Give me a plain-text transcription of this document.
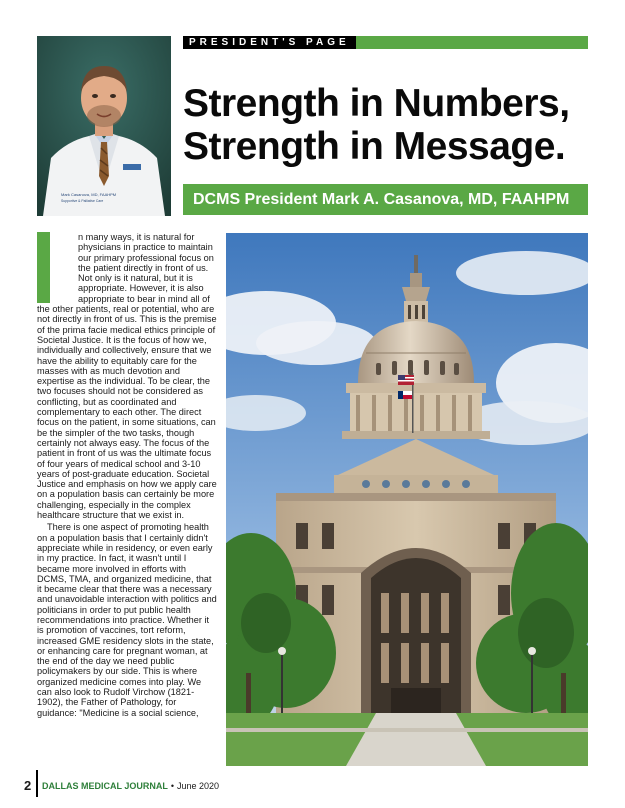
Mark Casanova, MD, FAAHPM
Supportive & Palliative Care
PRESIDENT'S PAGE
Strength in Numbers,
Strength in Message.
DCMS President Mark A. Casanova, MD, FAAHPM

n many ways, it is natural for physicians in practice to maintain our primary professional focus on the patient directly in front of us. Not only is it natural, but it is appropriate. However, it is also appropriate to bear in mind all of the other patients, real or potential, who are not directly in front of us. This is the premise of the prima facie medical ethics principle of Societal Justice. It is the focus of how we, individually and collectively, ensure that we have the ability to equitably care for the masses with as much devotion and expertise as the individual. To be clear, the two focuses should not be considered as conflicting, but as coordinated and complementary to each other. The direct focus on the patient, in some situations, can be the simpler of the two tasks, though certainly not always easy. The focus of the patient in front of us was the ultimate focus of four years of medical school and 3-10 years of post-graduate education. Societal Justice and emphasis on how we apply care on a population basis can certainly be more challenging, especially in the complex healthcare structure that we exist in.

There is one aspect of promoting health on a population basis that I certainly didn't appreciate while in residency, or even early in my practice. In fact, it wasn't until I became more involved in efforts with DCMS, TMA, and organized medicine, that it became clear that there was a necessary and unavoidable interaction with politics and politicians in order to put public health recommendations into practice. Whether it is promotion of vaccines, tort reform, increased GME residency slots in the state, or enhancing care for pregnant woman, at the end of the day we need public policymakers by our side. This is where organized medicine comes into play. We can also look to Rudolf Virchow (1821-1902), the Father of Pathology, for guidance: "Medicine is a social science,

2 DALLAS MEDICAL JOURNAL • June 2020
